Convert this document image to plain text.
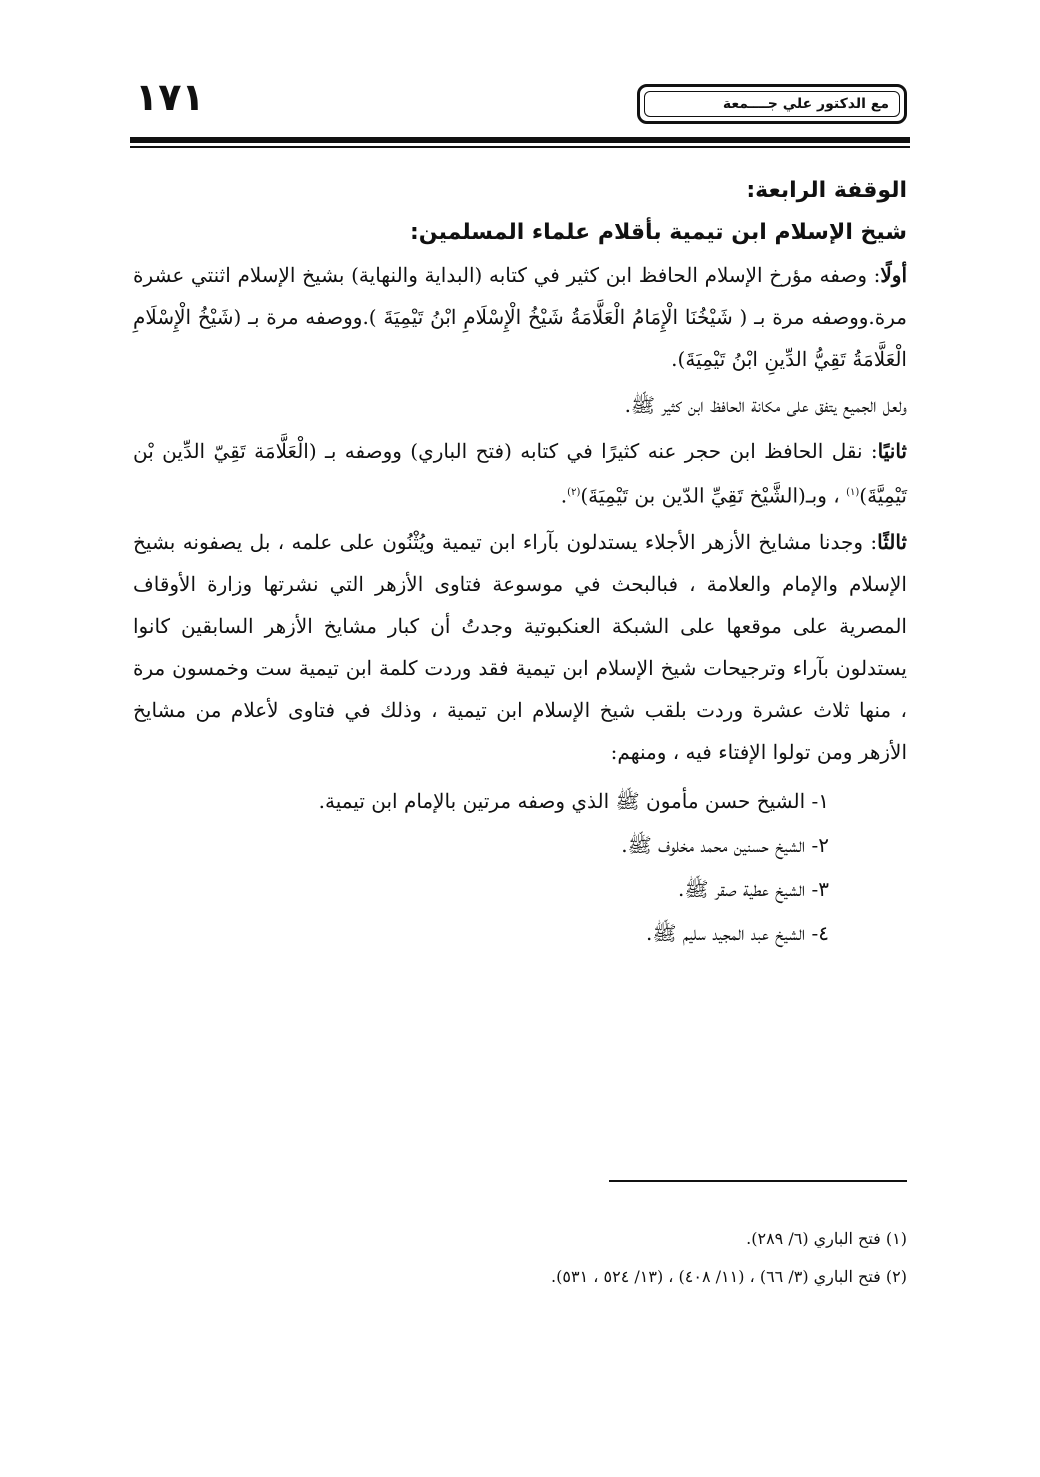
مع الدكتور علي جــــمعة
١٧١
الوقفة الرابعة:
شيخ الإسلام ابن تيمية بأقلام علماء المسلمين:

أولًا: وصفه مؤرخ الإسلام الحافظ ابن كثير في كتابه (البداية والنهاية) بشيخ الإسلام اثنتي عشرة مرة.ووصفه مرة بـ ( شَيْخُنَا الْإِمَامُ الْعَلَّامَةُ شَيْخُ الْإِسْلَامِ ابْنُ تَيْمِيَةَ ).ووصفه مرة بـ (شَيْخُ الْإِسْلَامِ الْعَلَّامَةُ تَقِيُّ الدِّينِ ابْنُ تَيْمِيَةَ).

ولعل الجميع يتفق على مكانة الحافظ ابن كثير ﷺ.

ثانيًا: نقل الحافظ ابن حجر عنه كثيرًا في كتابه (فتح الباري) ووصفه بـ (الْعَلَّامَة تَقِيّ الدِّين بْن تَيْمِيَّةَ)$^{(١)}$ ، وبـ(الشَّيْخ تَقِيِّ الدّين بن تَيْمِيَةَ)$^{(٢)}$.

ثالثًا: وجدنا مشايخ الأزهر الأجلاء يستدلون بآراء ابن تيمية ويُثْنُون على علمه ، بل يصفونه بشيخ الإسلام والإمام والعلامة ، فبالبحث في موسوعة فتاوى الأزهر التي نشرتها وزارة الأوقاف المصرية على موقعها على الشبكة العنكبوتية وجدتُ أن كبار مشايخ الأزهر السابقين كانوا يستدلون بآراء وترجيحات شيخ الإسلام ابن تيمية فقد وردت كلمة ابن تيمية ست وخمسون مرة ، منها ثلاث عشرة وردت بلقب شيخ الإسلام ابن تيمية ، وذلك في فتاوى لأعلام من مشايخ الأزهر ومن تولوا الإفتاء فيه ، ومنهم:

١- الشيخ حسن مأمون ﷺ الذي وصفه مرتين بالإمام ابن تيمية.
٢- الشيخ حسنين محمد مخلوف ﷺ.
٣- الشيخ عطية صقر ﷺ.
٤- الشيخ عبد المجيد سليم ﷺ.

(١) فتح الباري (٦/ ٢٨٩).

(٢) فتح الباري (٣/ ٦٦) ، (١١/ ٤٠٨) ، (١٣/ ٥٢٤ ، ٥٣١).
